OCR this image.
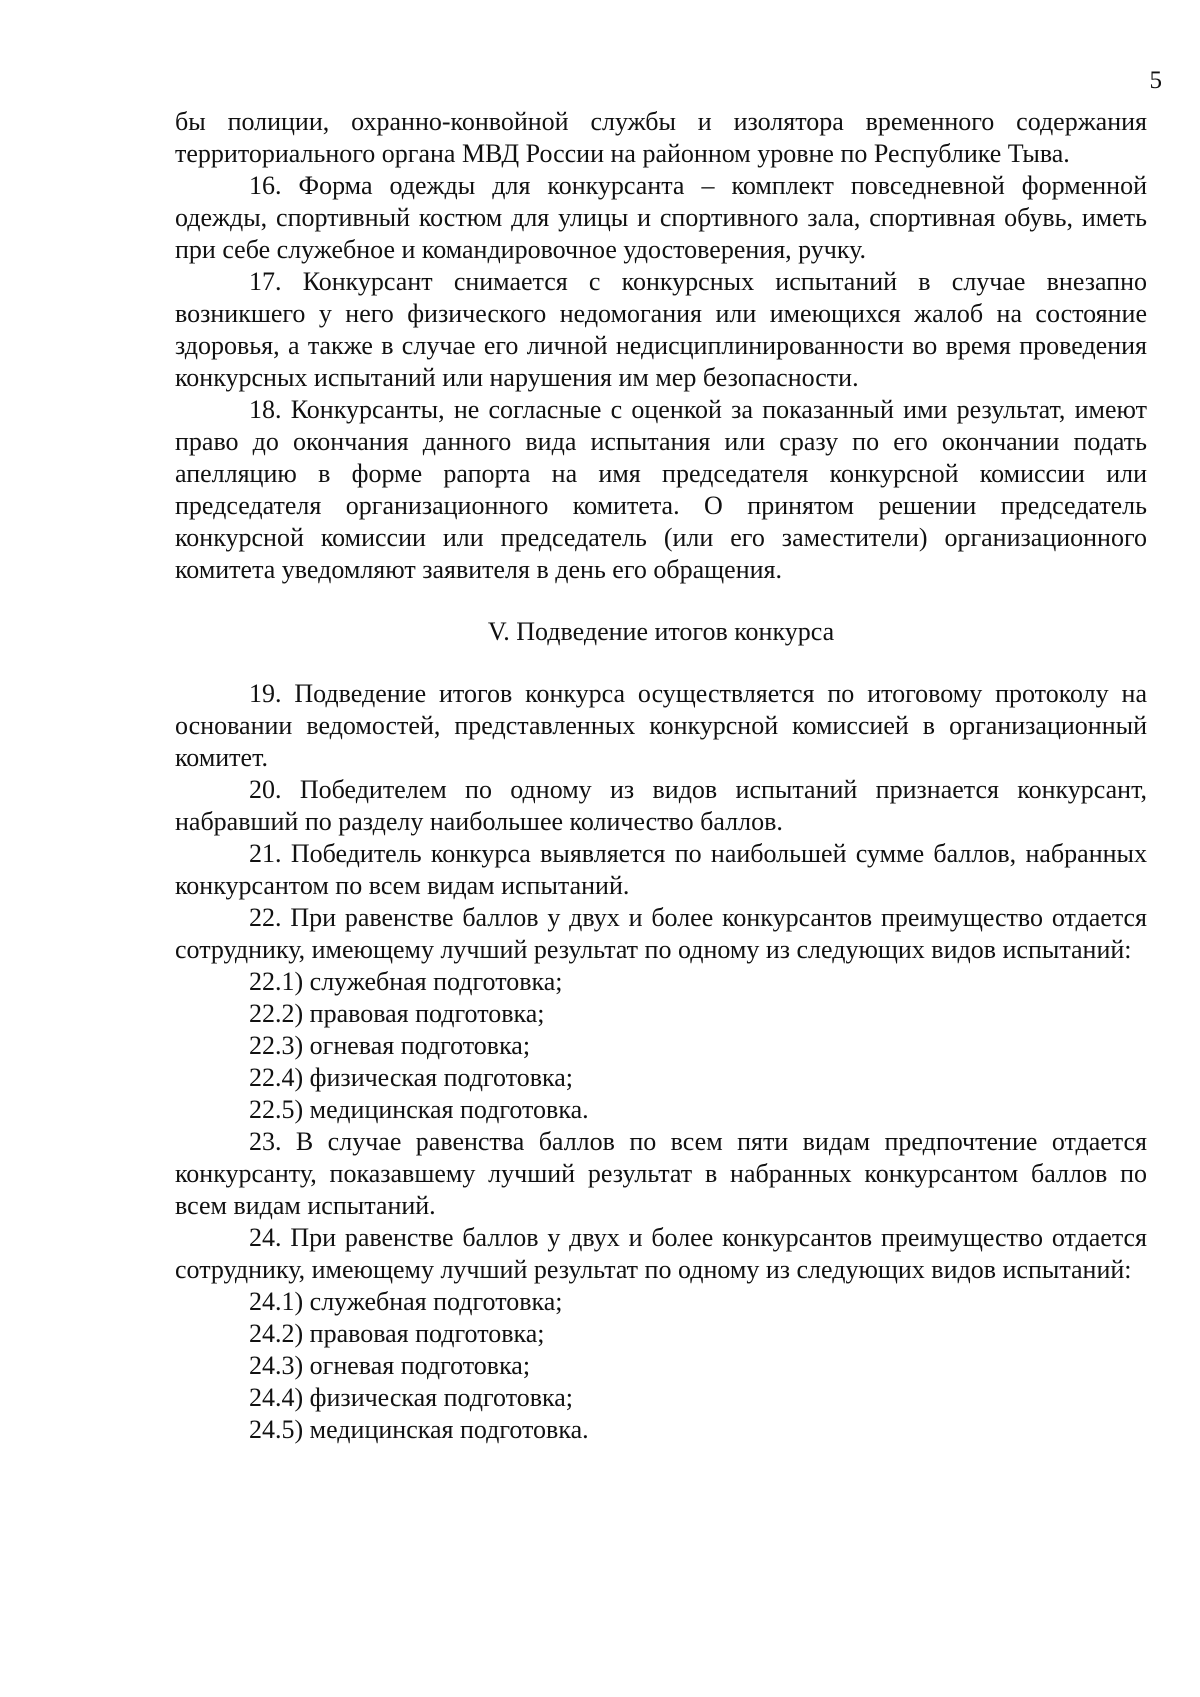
5

бы полиции, охранно-конвойной службы и изолятора временного содержания территориального органа МВД России на районном уровне по Республике Тыва.

16. Форма одежды для конкурсанта – комплект повседневной форменной одежды, спортивный костюм для улицы и спортивного зала, спортивная обувь, иметь при себе служебное и командировочное удостоверения, ручку.

17. Конкурсант снимается с конкурсных испытаний в случае внезапно возникшего у него физического недомогания или имеющихся жалоб на состояние здоровья, а также в случае его личной недисциплинированности во время проведения конкурсных испытаний или нарушения им мер безопасности.

18. Конкурсанты, не согласные с оценкой за показанный ими результат, имеют право до окончания данного вида испытания или сразу по его окончании подать апелляцию в форме рапорта на имя председателя конкурсной комиссии или председателя организационного комитета. О принятом решении председатель конкурсной комиссии или председатель (или его заместители) организационного комитета уведомляют заявителя в день его обращения.

V. Подведение итогов конкурса

19. Подведение итогов конкурса осуществляется по итоговому протоколу на основании ведомостей, представленных конкурсной комиссией в организационный комитет.

20. Победителем по одному из видов испытаний признается конкурсант, набравший по разделу наибольшее количество баллов.

21. Победитель конкурса выявляется по наибольшей сумме баллов, набранных конкурсантом по всем видам испытаний.

22. При равенстве баллов у двух и более конкурсантов преимущество отдается сотруднику, имеющему лучший результат по одному из следующих видов испытаний:

22.1) служебная подготовка;
22.2) правовая подготовка;
22.3) огневая подготовка;
22.4) физическая подготовка;
22.5) медицинская подготовка.

23. В случае равенства баллов по всем пяти видам предпочтение отдается конкурсанту, показавшему лучший результат в набранных конкурсантом баллов по всем видам испытаний.

24. При равенстве баллов у двух и более конкурсантов преимущество отдается сотруднику, имеющему лучший результат по одному из следующих видов испытаний:

24.1) служебная подготовка;
24.2) правовая подготовка;
24.3) огневая подготовка;
24.4) физическая подготовка;
24.5) медицинская подготовка.
